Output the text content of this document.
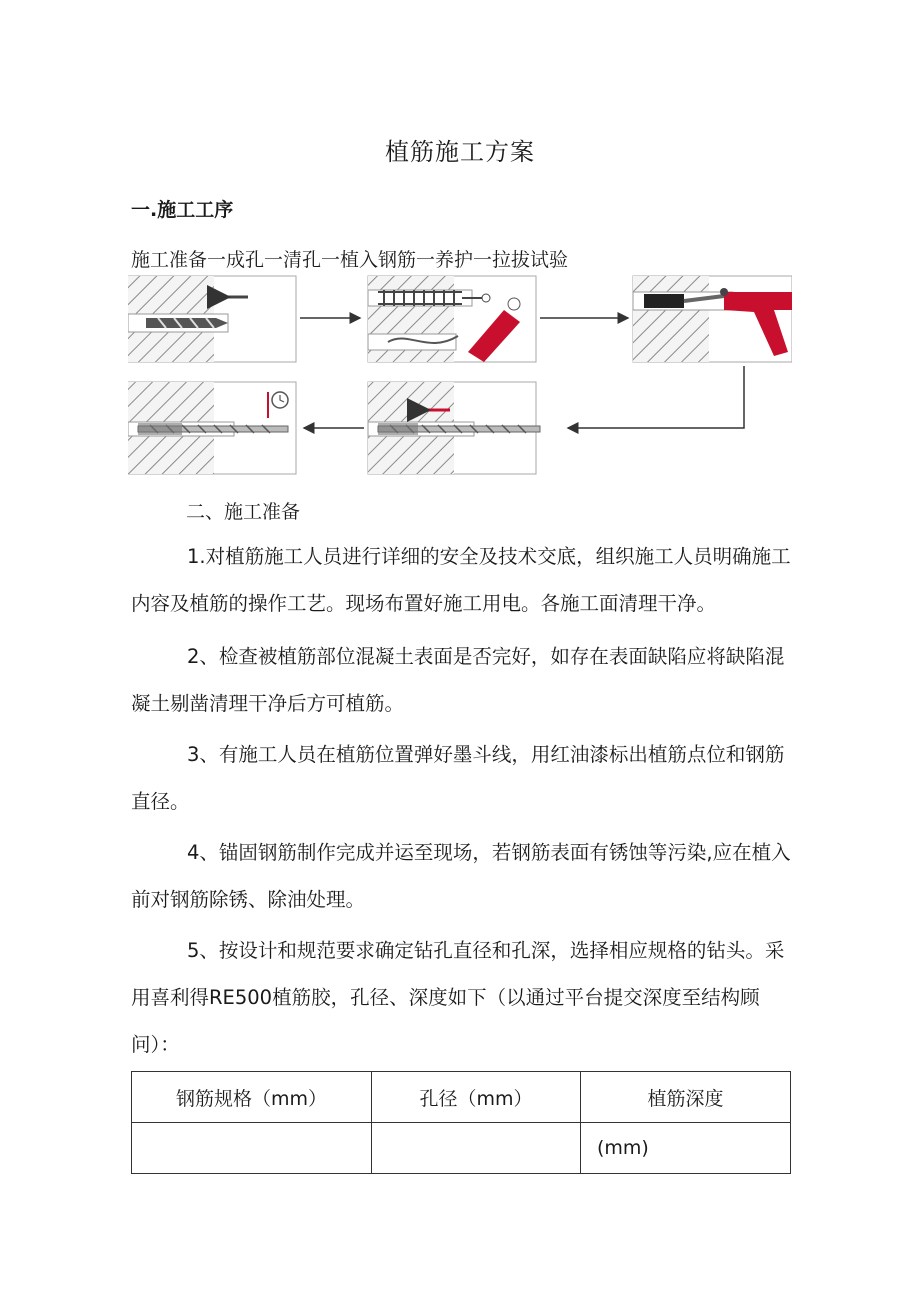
植筋施工方案
一.施工工序
施工准备一成孔一清孔一植入钢筋一养护一拉拔试验
二、施工准备

1.对植筋施工人员进行详细的安全及技术交底，组织施工人员明确施工内容及植筋的操作工艺。现场布置好施工用电。各施工面清理干净。

2、检查被植筋部位混凝土表面是否完好，如存在表面缺陷应将缺陷混凝土剔凿清理干净后方可植筋。

3、有施工人员在植筋位置弹好墨斗线，用红油漆标出植筋点位和钢筋直径。

4、锚固钢筋制作完成并运至现场，若钢筋表面有锈蚀等污染,应在植入前对钢筋除锈、除油处理。

5、按设计和规范要求确定钻孔直径和孔深，选择相应规格的钻头。采用喜利得RE500植筋胶，孔径、深度如下（以通过平台提交深度至结构顾问）：

钢筋规格（mm）	孔径（mm）	植筋深度
		(mm)
